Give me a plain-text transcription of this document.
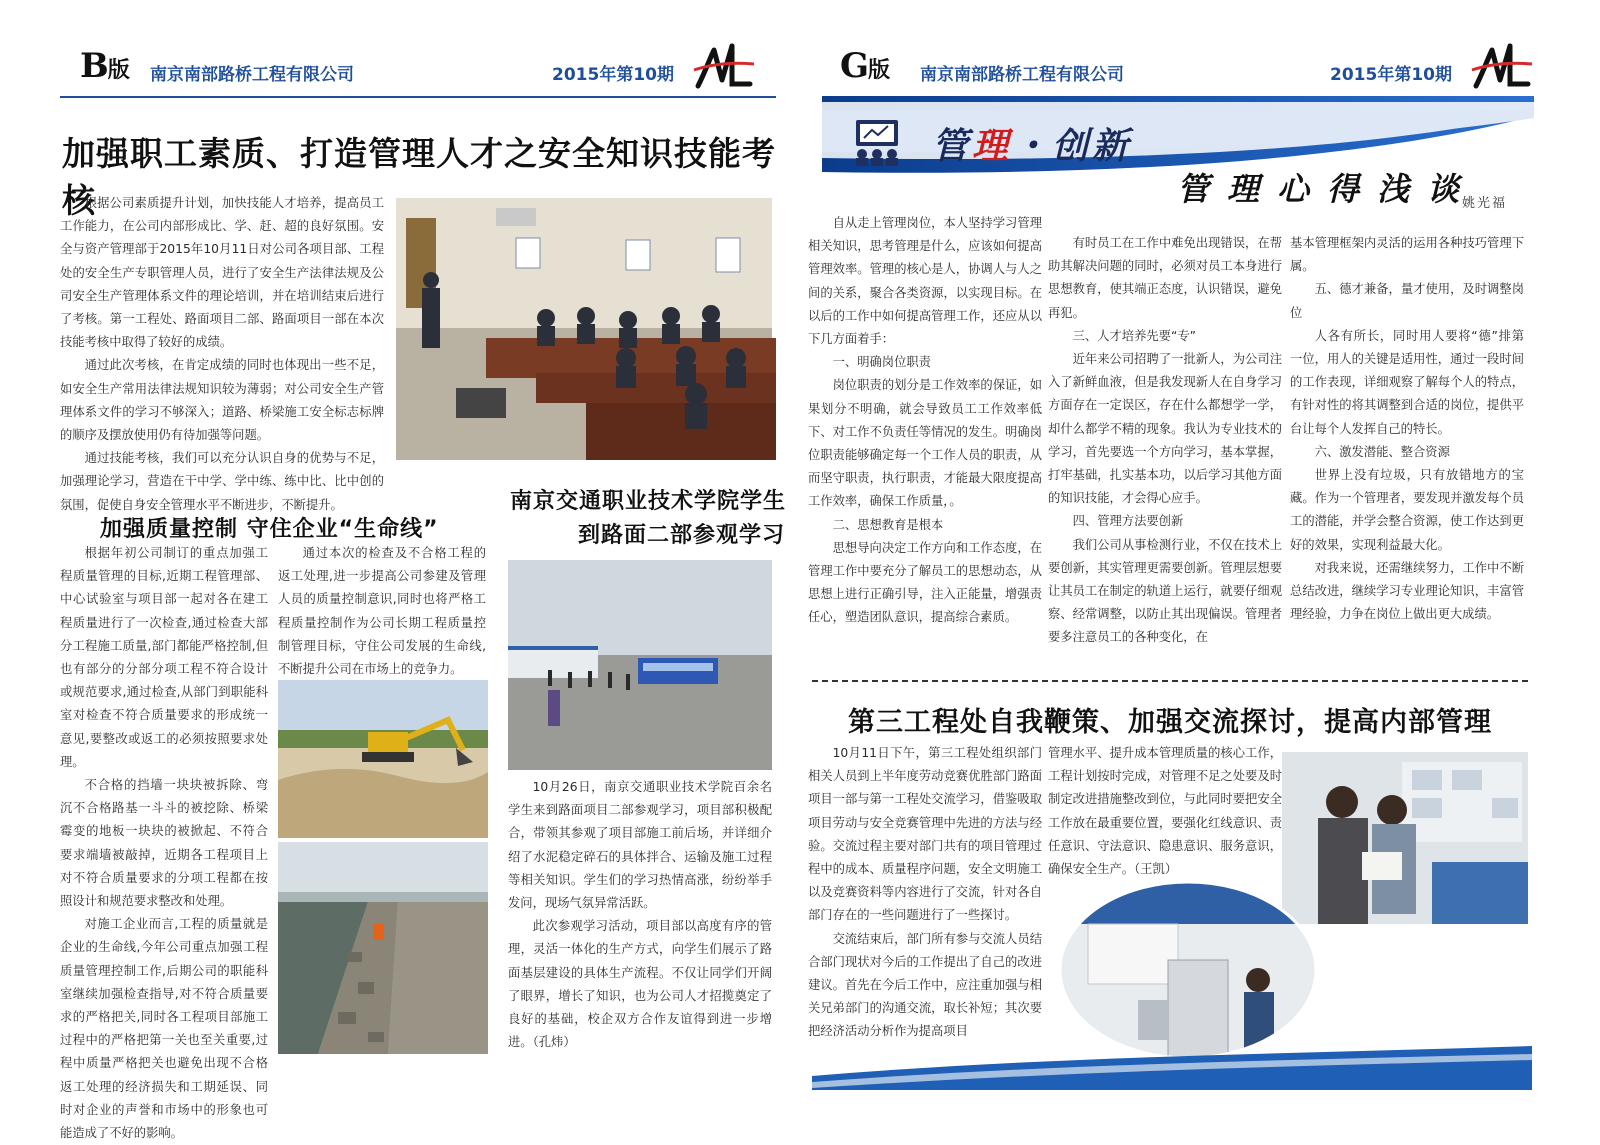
B版 南京南部路桥工程有限公司	2015年第10期
加强职工素质、打造管理人才之安全知识技能考核

根据公司素质提升计划，加快技能人才培养，提高员工工作能力，在公司内部形成比、学、赶、超的良好氛围。安全与资产管理部于2015年10月11日对公司各项目部、工程处的安全生产专职管理人员，进行了安全生产法律法规及公司安全生产管理体系文件的理论培训，并在培训结束后进行了考核。第一工程处、路面项目二部、路面项目一部在本次技能考核中取得了较好的成绩。

通过此次考核，在肯定成绩的同时也体现出一些不足，如安全生产常用法律法规知识较为薄弱；对公司安全生产管理体系文件的学习不够深入；道路、桥梁施工安全标志标牌的顺序及摆放使用仍有待加强等问题。

通过技能考核，我们可以充分认识自身的优势与不足，加强理论学习，营造在干中学、学中练、练中比、比中创的氛围，促使自身安全管理水平不断进步，不断提升。

加强质量控制 守住企业“生命线”

根据年初公司制订的重点加强工程质量管理的目标,近期工程管理部、中心试验室与项目部一起对各在建工程质量进行了一次检查,通过检查大部分工程施工质量,部门都能严格控制,但也有部分的分部分项工程不符合设计或规范要求,通过检查,从部门到职能科室对检查不符合质量要求的形成统一意见,要整改或返工的必须按照要求处理。

不合格的挡墙一块块被拆除、弯沉不合格路基一斗斗的被挖除、桥梁霉变的地板一块块的被掀起、不符合要求端墙被敲掉，近期各工程项目上对不符合质量要求的分项工程都在按照设计和规范要求整改和处理。

对施工企业而言,工程的质量就是企业的生命线,今年公司重点加强工程质量管理控制工作,后期公司的职能科室继续加强检查指导,对不符合质量要求的严格把关,同时各工程项目部施工过程中的严格把第一关也至关重要,过程中质量严格把关也避免出现不合格返工处理的经济损失和工期延误、同时对企业的声誉和市场中的形象也可能造成了不好的影响。

通过本次的检查及不合格工程的返工处理,进一步提高公司参建及管理人员的质量控制意识,同时也将严格工程质量控制作为公司长期工程质量控制管理目标，守住公司发展的生命线,不断提升公司在市场上的竞争力。

南京交通职业技术学院学生
到路面二部参观学习

10月26日，南京交通职业技术学院百余名学生来到路面项目二部参观学习，项目部积极配合，带领其参观了项目部施工前后场，并详细介绍了水泥稳定碎石的具体拌合、运输及施工过程等相关知识。学生们的学习热情高涨，纷纷举手发问，现场气氛异常活跃。

此次参观学习活动，项目部以高度有序的管理，灵活一体化的生产方式，向学生们展示了路面基层建设的具体生产流程。不仅让同学们开阔了眼界，增长了知识，也为公司人才招揽奠定了良好的基础，校企双方合作友谊得到进一步增进。（孔炜）

G版 南京南部路桥工程有限公司	2015年第10期
管理・创新
管理心得浅谈
姚光福

自从走上管理岗位，本人坚持学习管理相关知识，思考管理是什么，应该如何提高管理效率。管理的核心是人，协调人与人之间的关系，聚合各类资源，以实现目标。在以后的工作中如何提高管理工作，还应从以下几方面着手：

一、明确岗位职责

岗位职责的划分是工作效率的保证，如果划分不明确，就会导致员工工作效率低下、对工作不负责任等情况的发生。明确岗位职责能够确定每一个工作人员的职责，从而坚守职责，执行职责，才能最大限度提高工作效率，确保工作质量，。

二、思想教育是根本

思想导向决定工作方向和工作态度，在管理工作中要充分了解员工的思想动态，从思想上进行正确引导，注入正能量，增强责任心，塑造团队意识，提高综合素质。

有时员工在工作中难免出现错误，在帮助其解决问题的同时，必须对员工本身进行思想教育，使其端正态度，认识错误，避免再犯。

三、人才培养先要“专”

近年来公司招聘了一批新人，为公司注入了新鲜血液，但是我发现新人在自身学习方面存在一定误区，存在什么都想学一学，却什么都学不精的现象。我认为专业技术的学习，首先要选一个方向学习，基本掌握，打牢基础，扎实基本功，以后学习其他方面的知识技能，才会得心应手。

四、管理方法要创新

我们公司从事检测行业，不仅在技术上要创新，其实管理更需要创新。管理层想要让其员工在制定的轨道上运行，就要仔细观察、经常调整，以防止其出现偏误。管理者要多注意员工的各种变化，在

基本管理框架内灵活的运用各种技巧管理下属。

五、德才兼备，量才使用，及时调整岗位

人各有所长，同时用人要将“德”排第一位，用人的关键是适用性，通过一段时间的工作表现，详细观察了解每个人的特点，有针对性的将其调整到合适的岗位，提供平台让每个人发挥自己的特长。

六、激发潜能、整合资源

世界上没有垃圾，只有放错地方的宝藏。作为一个管理者，要发现并激发每个员工的潜能，并学会整合资源，使工作达到更好的效果，实现利益最大化。

对我来说，还需继续努力，工作中不断总结改进，继续学习专业理论知识，丰富管理经验，力争在岗位上做出更大成绩。

第三工程处自我鞭策、加强交流探讨，提高内部管理

10月11日下午，第三工程处组织部门相关人员到上半年度劳动竞赛优胜部门路面项目一部与第一工程处交流学习，借鉴吸取项目劳动与安全竞赛管理中先进的方法与经验。交流过程主要对部门共有的项目管理过程中的成本、质量程序问题，安全文明施工以及竞赛资料等内容进行了交流，针对各自部门存在的一些问题进行了一些探讨。

交流结束后，部门所有参与交流人员结合部门现状对今后的工作提出了自己的改进建议。首先在今后工作中，应注重加强与相关兄弟部门的沟通交流，取长补短；其次要把经济活动分析作为提高项目

管理水平、提升成本管理质量的核心工作，工程计划按时完成，对管理不足之处要及时制定改进措施整改到位，与此同时要把安全工作放在最重要位置，要强化红线意识、责任意识、守法意识、隐患意识、服务意识，确保安全生产。（王凯）
